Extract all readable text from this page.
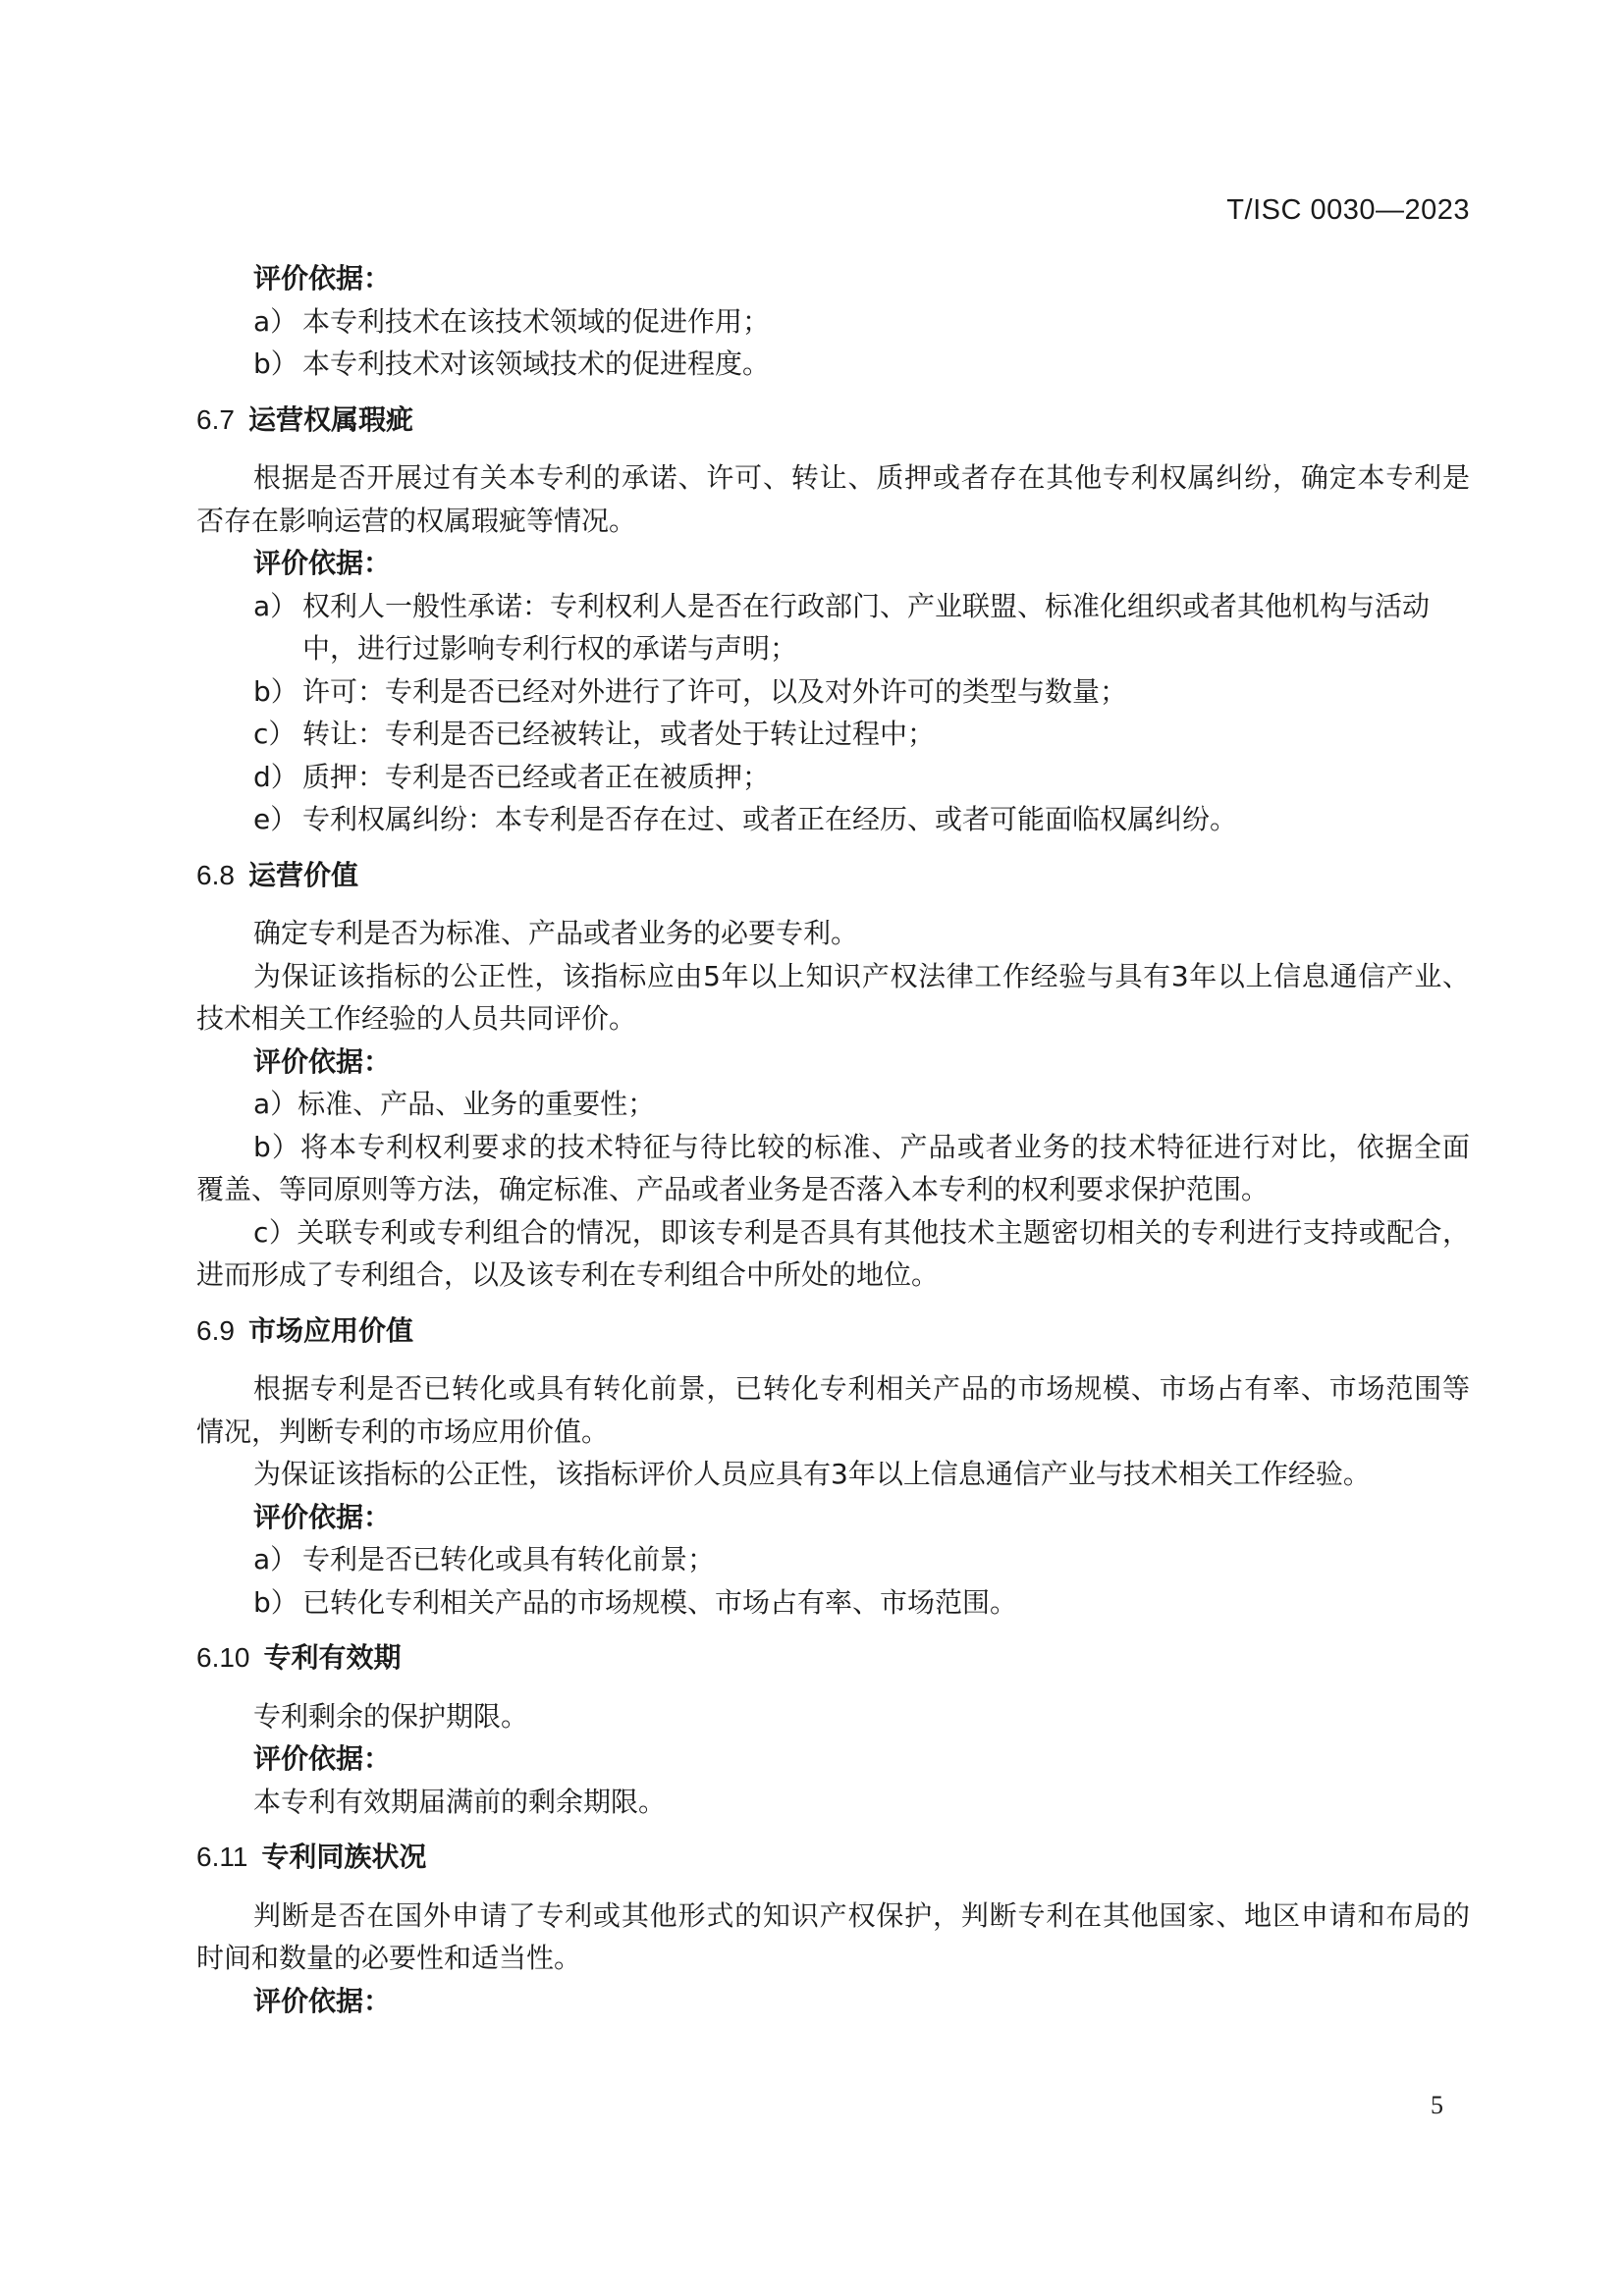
T/ISC 0030—2023
评价依据：
a） 本专利技术在该技术领域的促进作用；
b） 本专利技术对该领域技术的促进程度。
6.7 运营权属瑕疵
根据是否开展过有关本专利的承诺、许可、转让、质押或者存在其他专利权属纠纷，确定本专利是
否存在影响运营的权属瑕疵等情况。
评价依据：
a） 权利人一般性承诺：专利权利人是否在行政部门、产业联盟、标准化组织或者其他机构与活动
中，进行过影响专利行权的承诺与声明；
b） 许可：专利是否已经对外进行了许可，以及对外许可的类型与数量；
c） 转让：专利是否已经被转让，或者处于转让过程中；
d） 质押：专利是否已经或者正在被质押；
e） 专利权属纠纷：本专利是否存在过、或者正在经历、或者可能面临权属纠纷。
6.8 运营价值
确定专利是否为标准、产品或者业务的必要专利。
为保证该指标的公正性，该指标应由5年以上知识产权法律工作经验与具有3年以上信息通信产业、
技术相关工作经验的人员共同评价。
评价依据：
a）标准、产品、业务的重要性；
b）将本专利权利要求的技术特征与待比较的标准、产品或者业务的技术特征进行对比，依据全面
覆盖、等同原则等方法，确定标准、产品或者业务是否落入本专利的权利要求保护范围。
c）关联专利或专利组合的情况，即该专利是否具有其他技术主题密切相关的专利进行支持或配合，
进而形成了专利组合，以及该专利在专利组合中所处的地位。
6.9 市场应用价值
根据专利是否已转化或具有转化前景，已转化专利相关产品的市场规模、市场占有率、市场范围等
情况，判断专利的市场应用价值。
为保证该指标的公正性，该指标评价人员应具有3年以上信息通信产业与技术相关工作经验。
评价依据：
a） 专利是否已转化或具有转化前景；
b） 已转化专利相关产品的市场规模、市场占有率、市场范围。
6.10 专利有效期
专利剩余的保护期限。
评价依据：
本专利有效期届满前的剩余期限。
6.11 专利同族状况
判断是否在国外申请了专利或其他形式的知识产权保护，判断专利在其他国家、地区申请和布局的
时间和数量的必要性和适当性。
评价依据：
5
